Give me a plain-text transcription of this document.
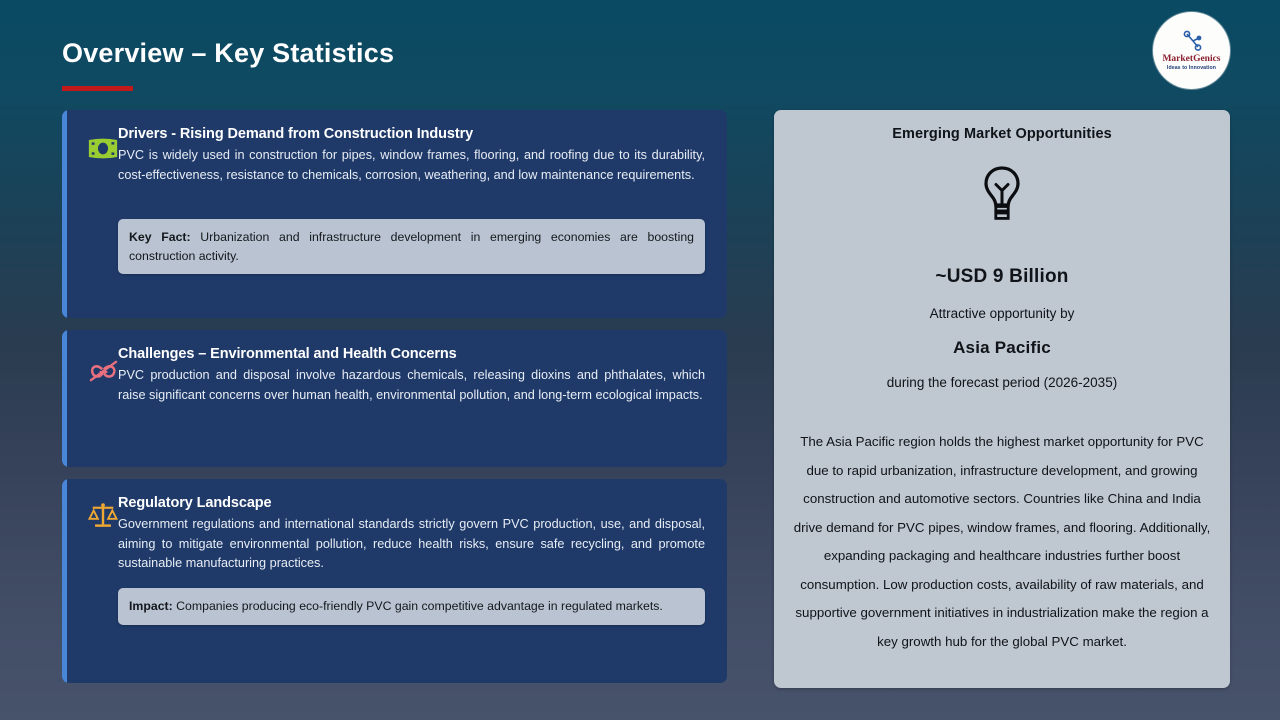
Overview – Key Statistics	MarketGenics
Ideas to Innovation
Drivers - Rising Demand from Construction Industry
PVC is widely used in construction for pipes, window frames, flooring, and roofing due to its durability, cost-effectiveness, resistance to chemicals, corrosion, weathering, and low maintenance requirements.
Key Fact: Urbanization and infrastructure development in emerging economies are boosting construction activity.
Challenges – Environmental and Health Concerns
PVC production and disposal involve hazardous chemicals, releasing dioxins and phthalates, which raise significant concerns over human health, environmental pollution, and long-term ecological impacts.
Regulatory Landscape
Government regulations and international standards strictly govern PVC production, use, and disposal, aiming to mitigate environmental pollution, reduce health risks, ensure safe recycling, and promote sustainable manufacturing practices.
Impact: Companies producing eco-friendly PVC gain competitive advantage in regulated markets.
Emerging Market Opportunities
~USD 9 Billion
Attractive opportunity by
Asia Pacific
during the forecast period (2026-2035)
The Asia Pacific region holds the highest market opportunity for PVC due to rapid urbanization, infrastructure development, and growing construction and automotive sectors. Countries like China and India drive demand for PVC pipes, window frames, and flooring. Additionally, expanding packaging and healthcare industries further boost consumption. Low production costs, availability of raw materials, and supportive government initiatives in industrialization make the region a key growth hub for the global PVC market.
